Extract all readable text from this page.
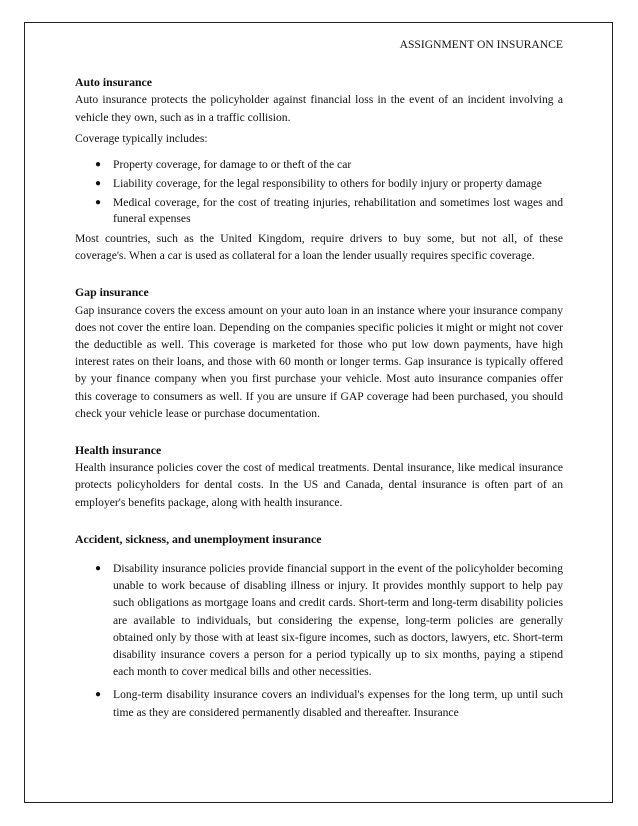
ASSIGNMENT ON INSURANCE
Auto insurance

Auto insurance protects the policyholder against financial loss in the event of an incident involving a vehicle they own, such as in a traffic collision.

Coverage typically includes:

● Property coverage, for damage to or theft of the car
● Liability coverage, for the legal responsibility to others for bodily injury or property damage
● Medical coverage, for the cost of treating injuries, rehabilitation and sometimes lost wages and funeral expenses

Most countries, such as the United Kingdom, require drivers to buy some, but not all, of these coverage's. When a car is used as collateral for a loan the lender usually requires specific coverage.

Gap insurance

Gap insurance covers the excess amount on your auto loan in an instance where your insurance company does not cover the entire loan. Depending on the companies specific policies it might or might not cover the deductible as well. This coverage is marketed for those who put low down payments, have high interest rates on their loans, and those with 60 month or longer terms. Gap insurance is typically offered by your finance company when you first purchase your vehicle. Most auto insurance companies offer this coverage to consumers as well. If you are unsure if GAP coverage had been purchased, you should check your vehicle lease or purchase documentation.

Health insurance

Health insurance policies cover the cost of medical treatments. Dental insurance, like medical insurance protects policyholders for dental costs. In the US and Canada, dental insurance is often part of an employer's benefits package, along with health insurance.

Accident, sickness, and unemployment insurance
● Disability insurance policies provide financial support in the event of the policyholder becoming unable to work because of disabling illness or injury. It provides monthly support to help pay such obligations as mortgage loans and credit cards. Short-term and long-term disability policies are available to individuals, but considering the expense, long-term policies are generally obtained only by those with at least six-figure incomes, such as doctors, lawyers, etc. Short-term disability insurance covers a person for a period typically up to six months, paying a stipend each month to cover medical bills and other necessities.
● Long-term disability insurance covers an individual's expenses for the long term, up until such time as they are considered permanently disabled and thereafter. Insurance
